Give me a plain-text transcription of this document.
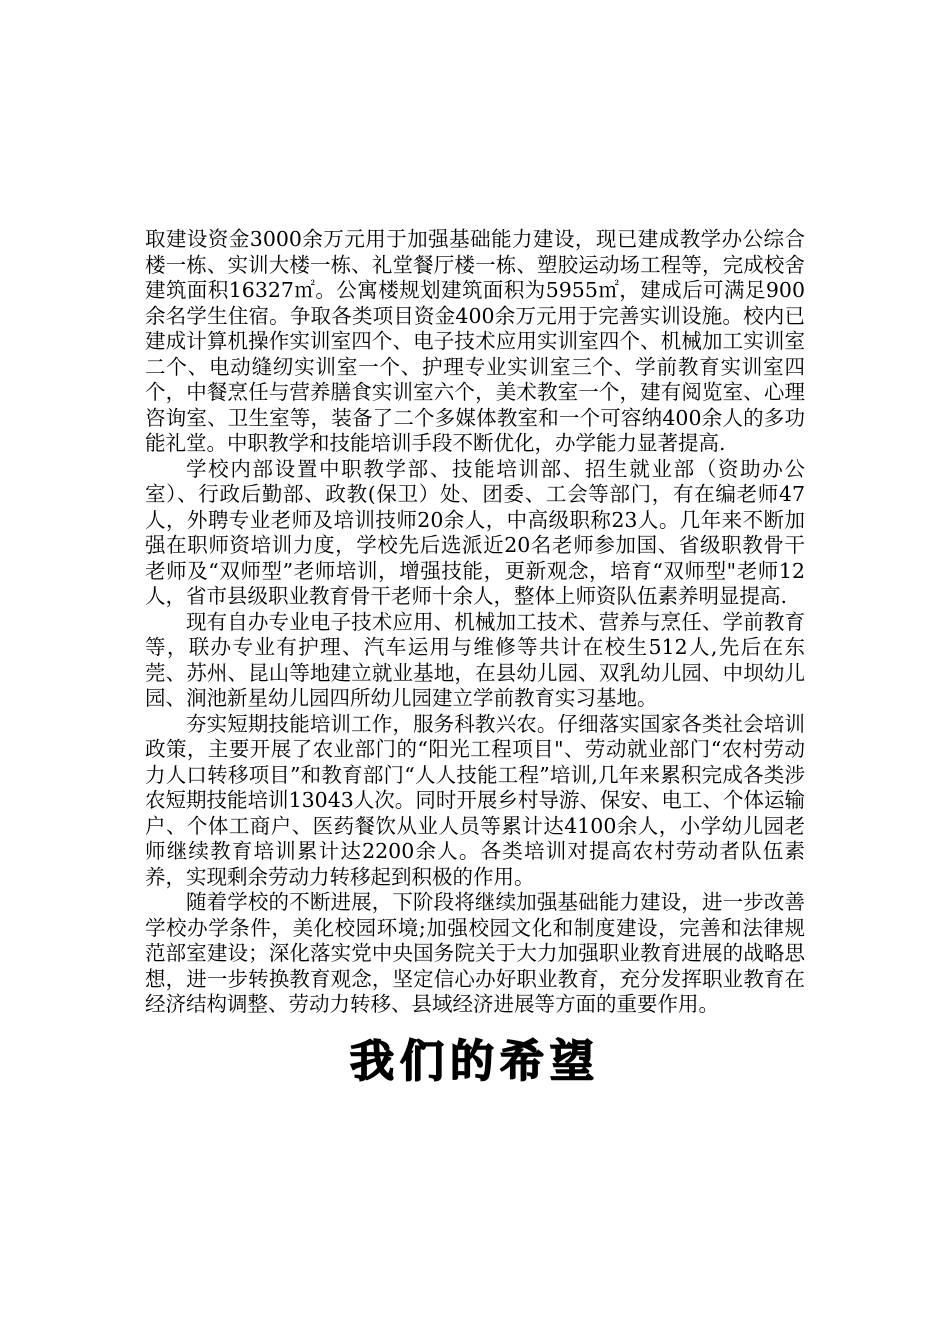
取建设资金3000余万元用于加强基础能力建设，现已建成教学办公综合楼一栋、实训大楼一栋、礼堂餐厅楼一栋、塑胶运动场工程等，完成校舍建筑面积16327㎡。公寓楼规划建筑面积为5955㎡，建成后可满足900余名学生住宿。争取各类项目资金400余万元用于完善实训设施。校内已建成计算机操作实训室四个、电子技术应用实训室四个、机械加工实训室二个、电动缝纫实训室一个、护理专业实训室三个、学前教育实训室四个，中餐烹任与营养膳食实训室六个，美术教室一个，建有阅览室、心理咨询室、卫生室等，装备了二个多媒体教室和一个可容纳400余人的多功能礼堂。中职教学和技能培训手段不断优化，办学能力显著提高.

学校内部设置中职教学部、技能培训部、招生就业部（资助办公室）、行政后勤部、政教(保卫）处、团委、工会等部门，有在编老师47人，外聘专业老师及培训技师20余人，中高级职称23人。几年来不断加强在职师资培训力度，学校先后选派近20名老师参加国、省级职教骨干老师及“双师型”老师培训，增强技能，更新观念，培育“双师型"老师12人，省市县级职业教育骨干老师十余人，整体上师资队伍素养明显提高.

现有自办专业电子技术应用、机械加工技术、营养与烹任、学前教育等，联办专业有护理、汽车运用与维修等共计在校生512人,先后在东莞、苏州、昆山等地建立就业基地，在县幼儿园、双乳幼儿园、中坝幼儿园、涧池新星幼儿园四所幼儿园建立学前教育实习基地。

夯实短期技能培训工作，服务科教兴农。仔细落实国家各类社会培训政策，主要开展了农业部门的“阳光工程项目"、劳动就业部门“农村劳动力人口转移项目”和教育部门“人人技能工程”培训,几年来累积完成各类涉农短期技能培训13043人次。同时开展乡村导游、保安、电工、个体运输户、个体工商户、医药餐饮从业人员等累计达4100余人，小学幼儿园老师继续教育培训累计达2200余人。各类培训对提高农村劳动者队伍素养，实现剩余劳动力转移起到积极的作用。

随着学校的不断进展，下阶段将继续加强基础能力建设，进一步改善学校办学条件，美化校园环境;加强校园文化和制度建设，完善和法律规范部室建设；深化落实党中央国务院关于大力加强职业教育进展的战略思想，进一步转换教育观念，坚定信心办好职业教育，充分发挥职业教育在经济结构调整、劳动力转移、县域经济进展等方面的重要作用。

我们的希望
